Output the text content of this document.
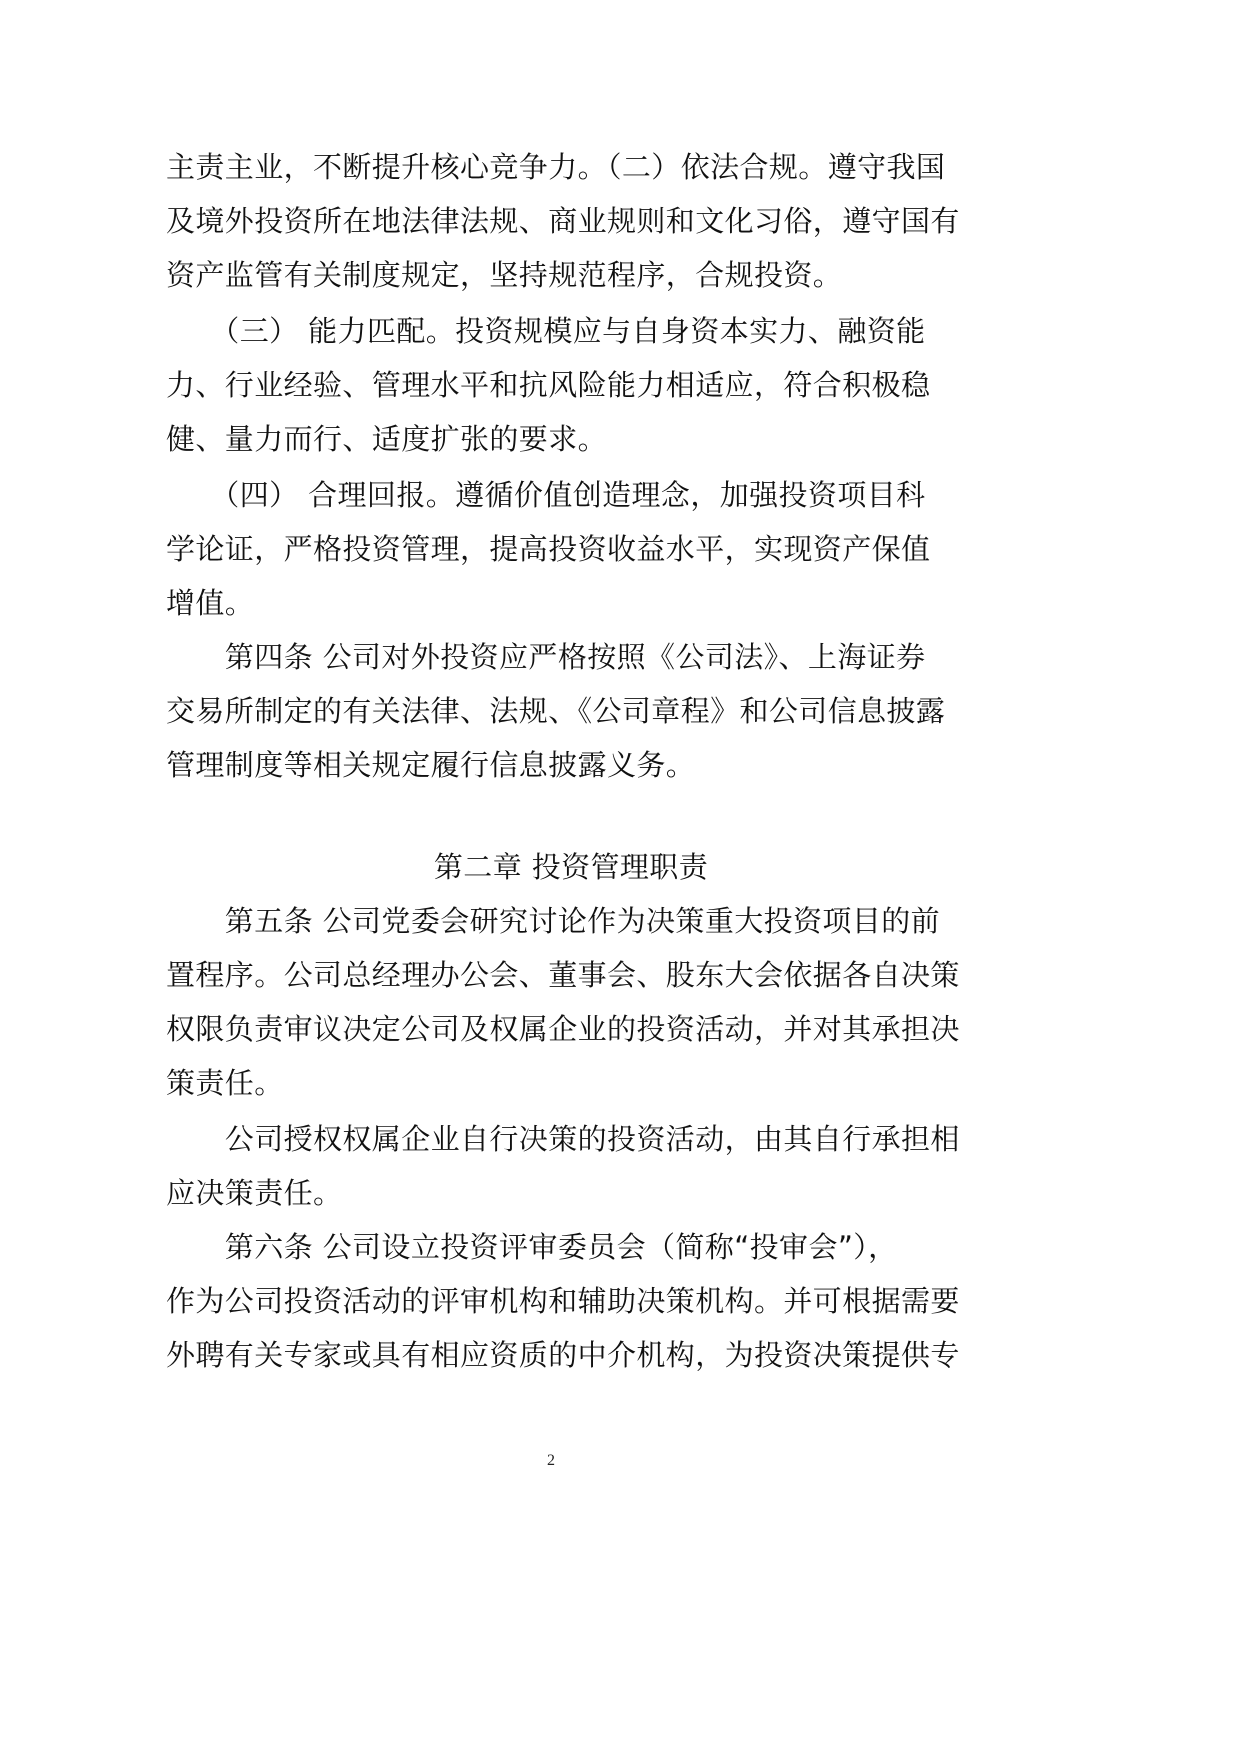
主责主业，不断提升核心竞争力。（二）依法合规。遵守我国
及境外投资所在地法律法规、商业规则和文化习俗，遵守国有
资产监管有关制度规定，坚持规范程序，合规投资。

　　（三） 能力匹配。投资规模应与自身资本实力、融资能
力、行业经验、管理水平和抗风险能力相适应，符合积极稳
健、量力而行、适度扩张的要求。

　　（四） 合理回报。遵循价值创造理念，加强投资项目科
学论证，严格投资管理，提高投资收益水平，实现资产保值
增值。

　　第四条 公司对外投资应严格按照《公司法》、上海证券
交易所制定的有关法律、法规、《公司章程》和公司信息披露
管理制度等相关规定履行信息披露义务。

第二章 投资管理职责

　　第五条 公司党委会研究讨论作为决策重大投资项目的前
置程序。公司总经理办公会、董事会、股东大会依据各自决策
权限负责审议决定公司及权属企业的投资活动，并对其承担决
策责任。

　　公司授权权属企业自行决策的投资活动，由其自行承担相
应决策责任。

　　第六条 公司设立投资评审委员会（简称“投审会”），
作为公司投资活动的评审机构和辅助决策机构。并可根据需要
外聘有关专家或具有相应资质的中介机构，为投资决策提供专

2
